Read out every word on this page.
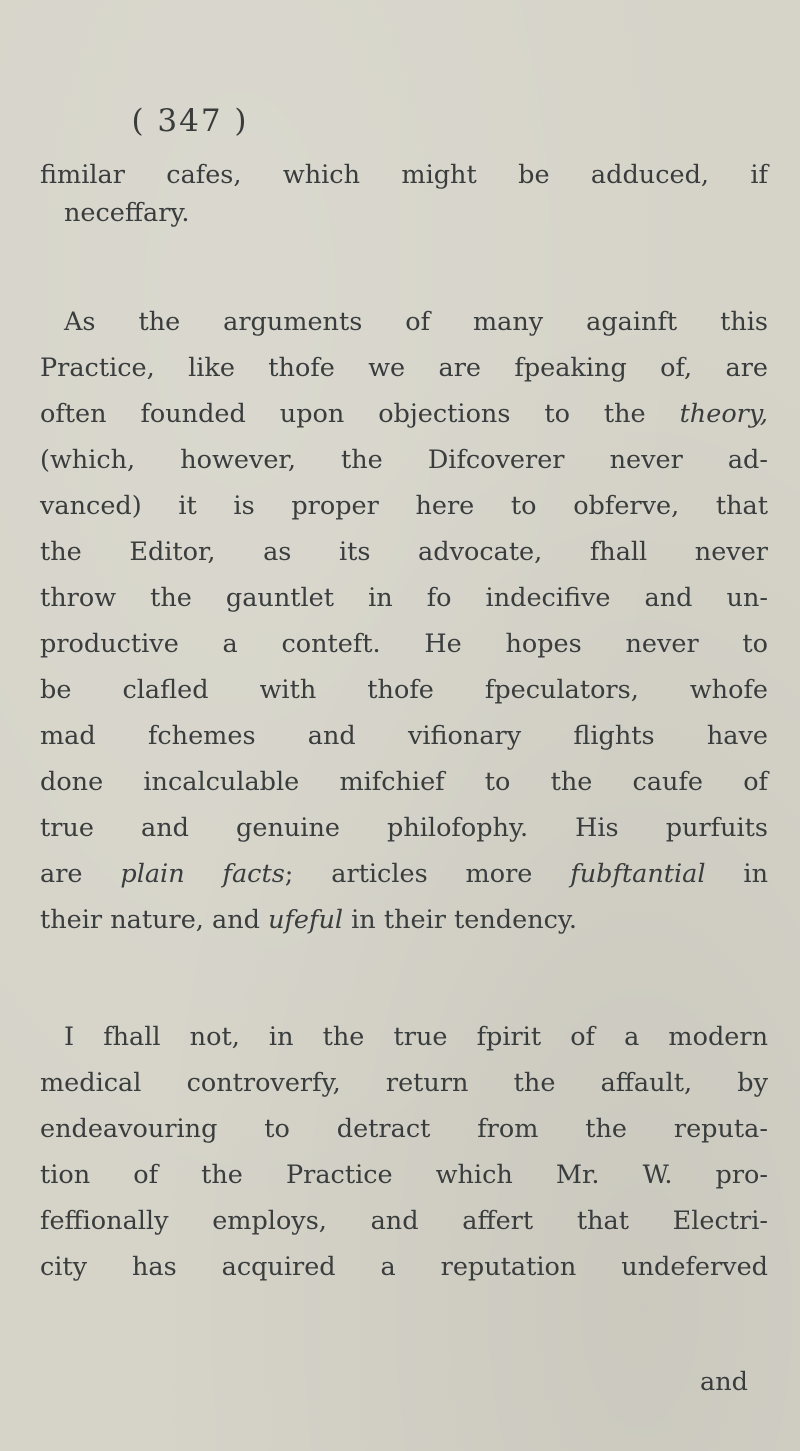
( 347 )

fimilar cafes, which might be adduced, if

neceffary.

As the arguments of many againft this

Practice, like thofe we are fpeaking of, are

often founded upon objections to the theory,

(which, however, the Difcoverer never ad-

vanced) it is proper here to obferve, that

the Editor, as its advocate, fhall never

throw the gauntlet in fo indecifive and un-

productive a conteft. He hopes never to

be clafled with thofe fpeculators, whofe

mad fchemes and vifionary flights have

done incalculable mifchief to the caufe of

true and genuine philofophy. His purfuits

are plain facts; articles more fubftantial in

their nature, and ufeful in their tendency.

I fhall not, in the true fpirit of a modern

medical controverfy, return the affault, by

endeavouring to detract from the reputa-

tion of the Practice which Mr. W. pro-

feffionally employs, and affert that Electri-

city has acquired a reputation undeferved

and
